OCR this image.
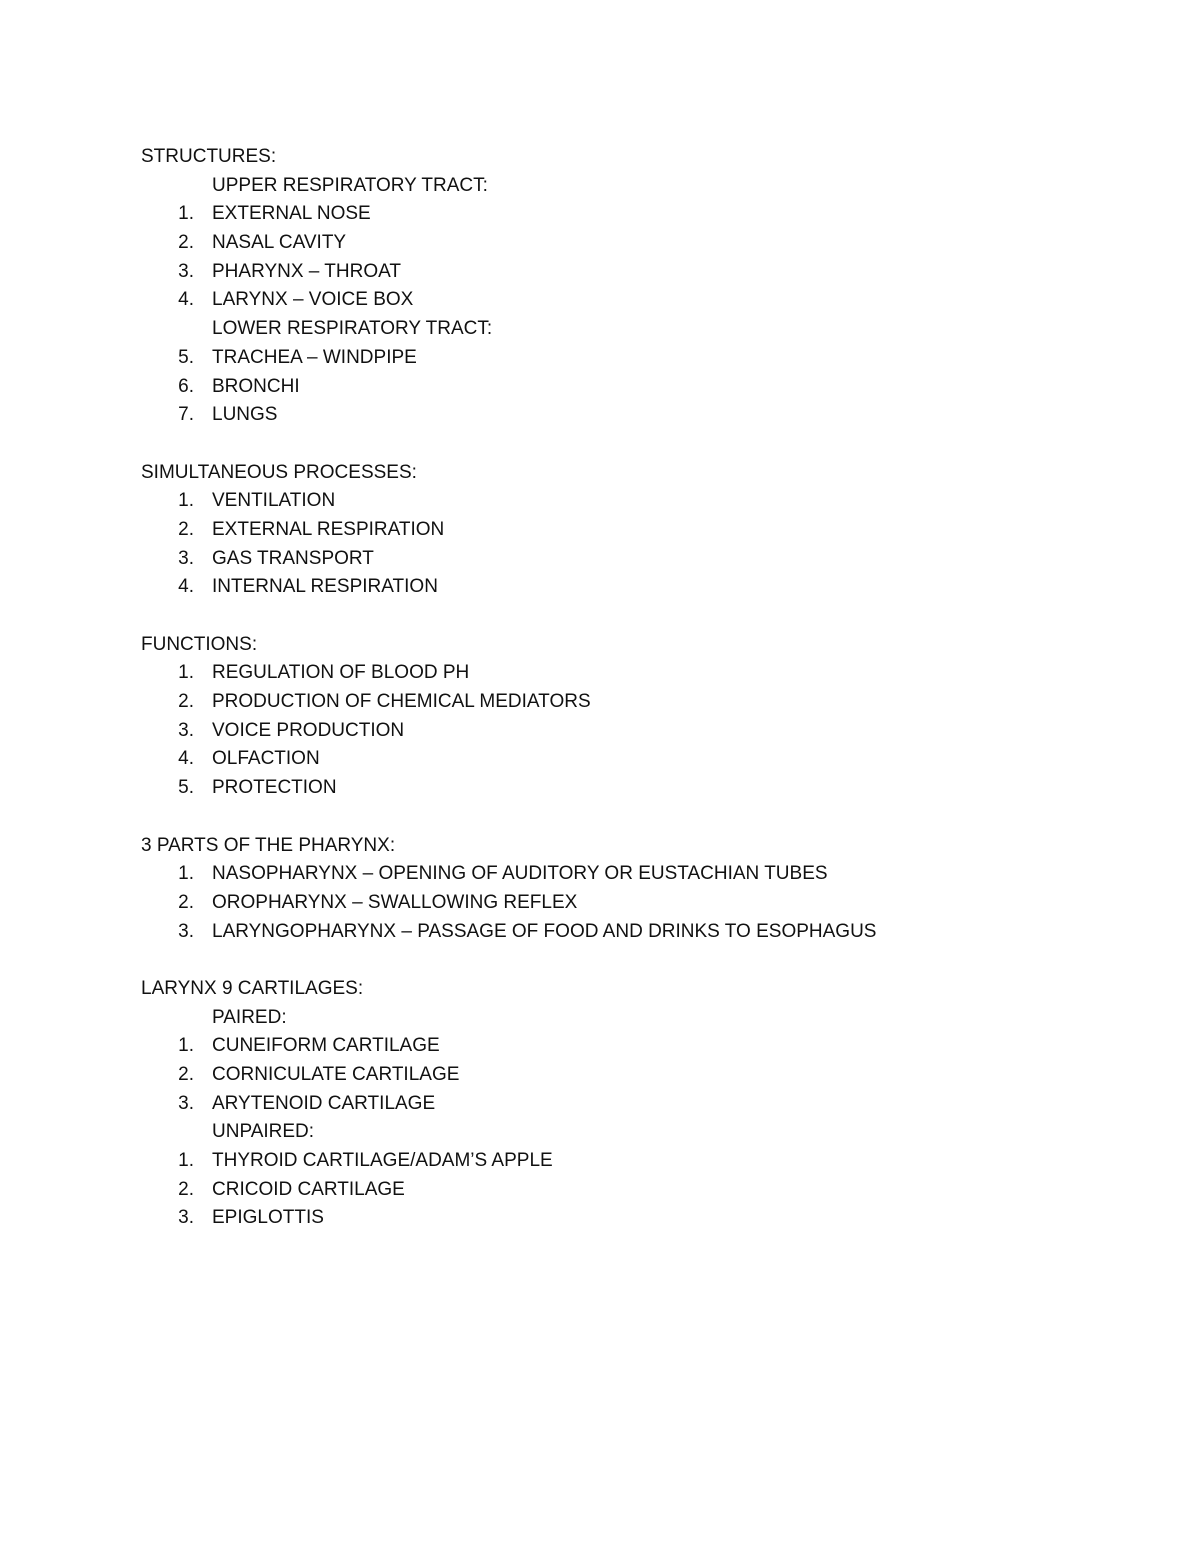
STRUCTURES:
UPPER RESPIRATORY TRACT:
1. EXTERNAL NOSE
2. NASAL CAVITY
3. PHARYNX – THROAT
4. LARYNX – VOICE BOX
LOWER RESPIRATORY TRACT:
5. TRACHEA – WINDPIPE
6. BRONCHI
7. LUNGS
SIMULTANEOUS PROCESSES:
1. VENTILATION
2. EXTERNAL RESPIRATION
3. GAS TRANSPORT
4. INTERNAL RESPIRATION
FUNCTIONS:
1. REGULATION OF BLOOD PH
2. PRODUCTION OF CHEMICAL MEDIATORS
3. VOICE PRODUCTION
4. OLFACTION
5. PROTECTION
3 PARTS OF THE PHARYNX:
1. NASOPHARYNX – OPENING OF AUDITORY OR EUSTACHIAN TUBES
2. OROPHARYNX – SWALLOWING REFLEX
3. LARYNGOPHARYNX – PASSAGE OF FOOD AND DRINKS TO ESOPHAGUS
LARYNX 9 CARTILAGES:
PAIRED:
1. CUNEIFORM CARTILAGE
2. CORNICULATE CARTILAGE
3. ARYTENOID CARTILAGE
UNPAIRED:
1. THYROID CARTILAGE/ADAM’S APPLE
2. CRICOID CARTILAGE
3. EPIGLOTTIS
